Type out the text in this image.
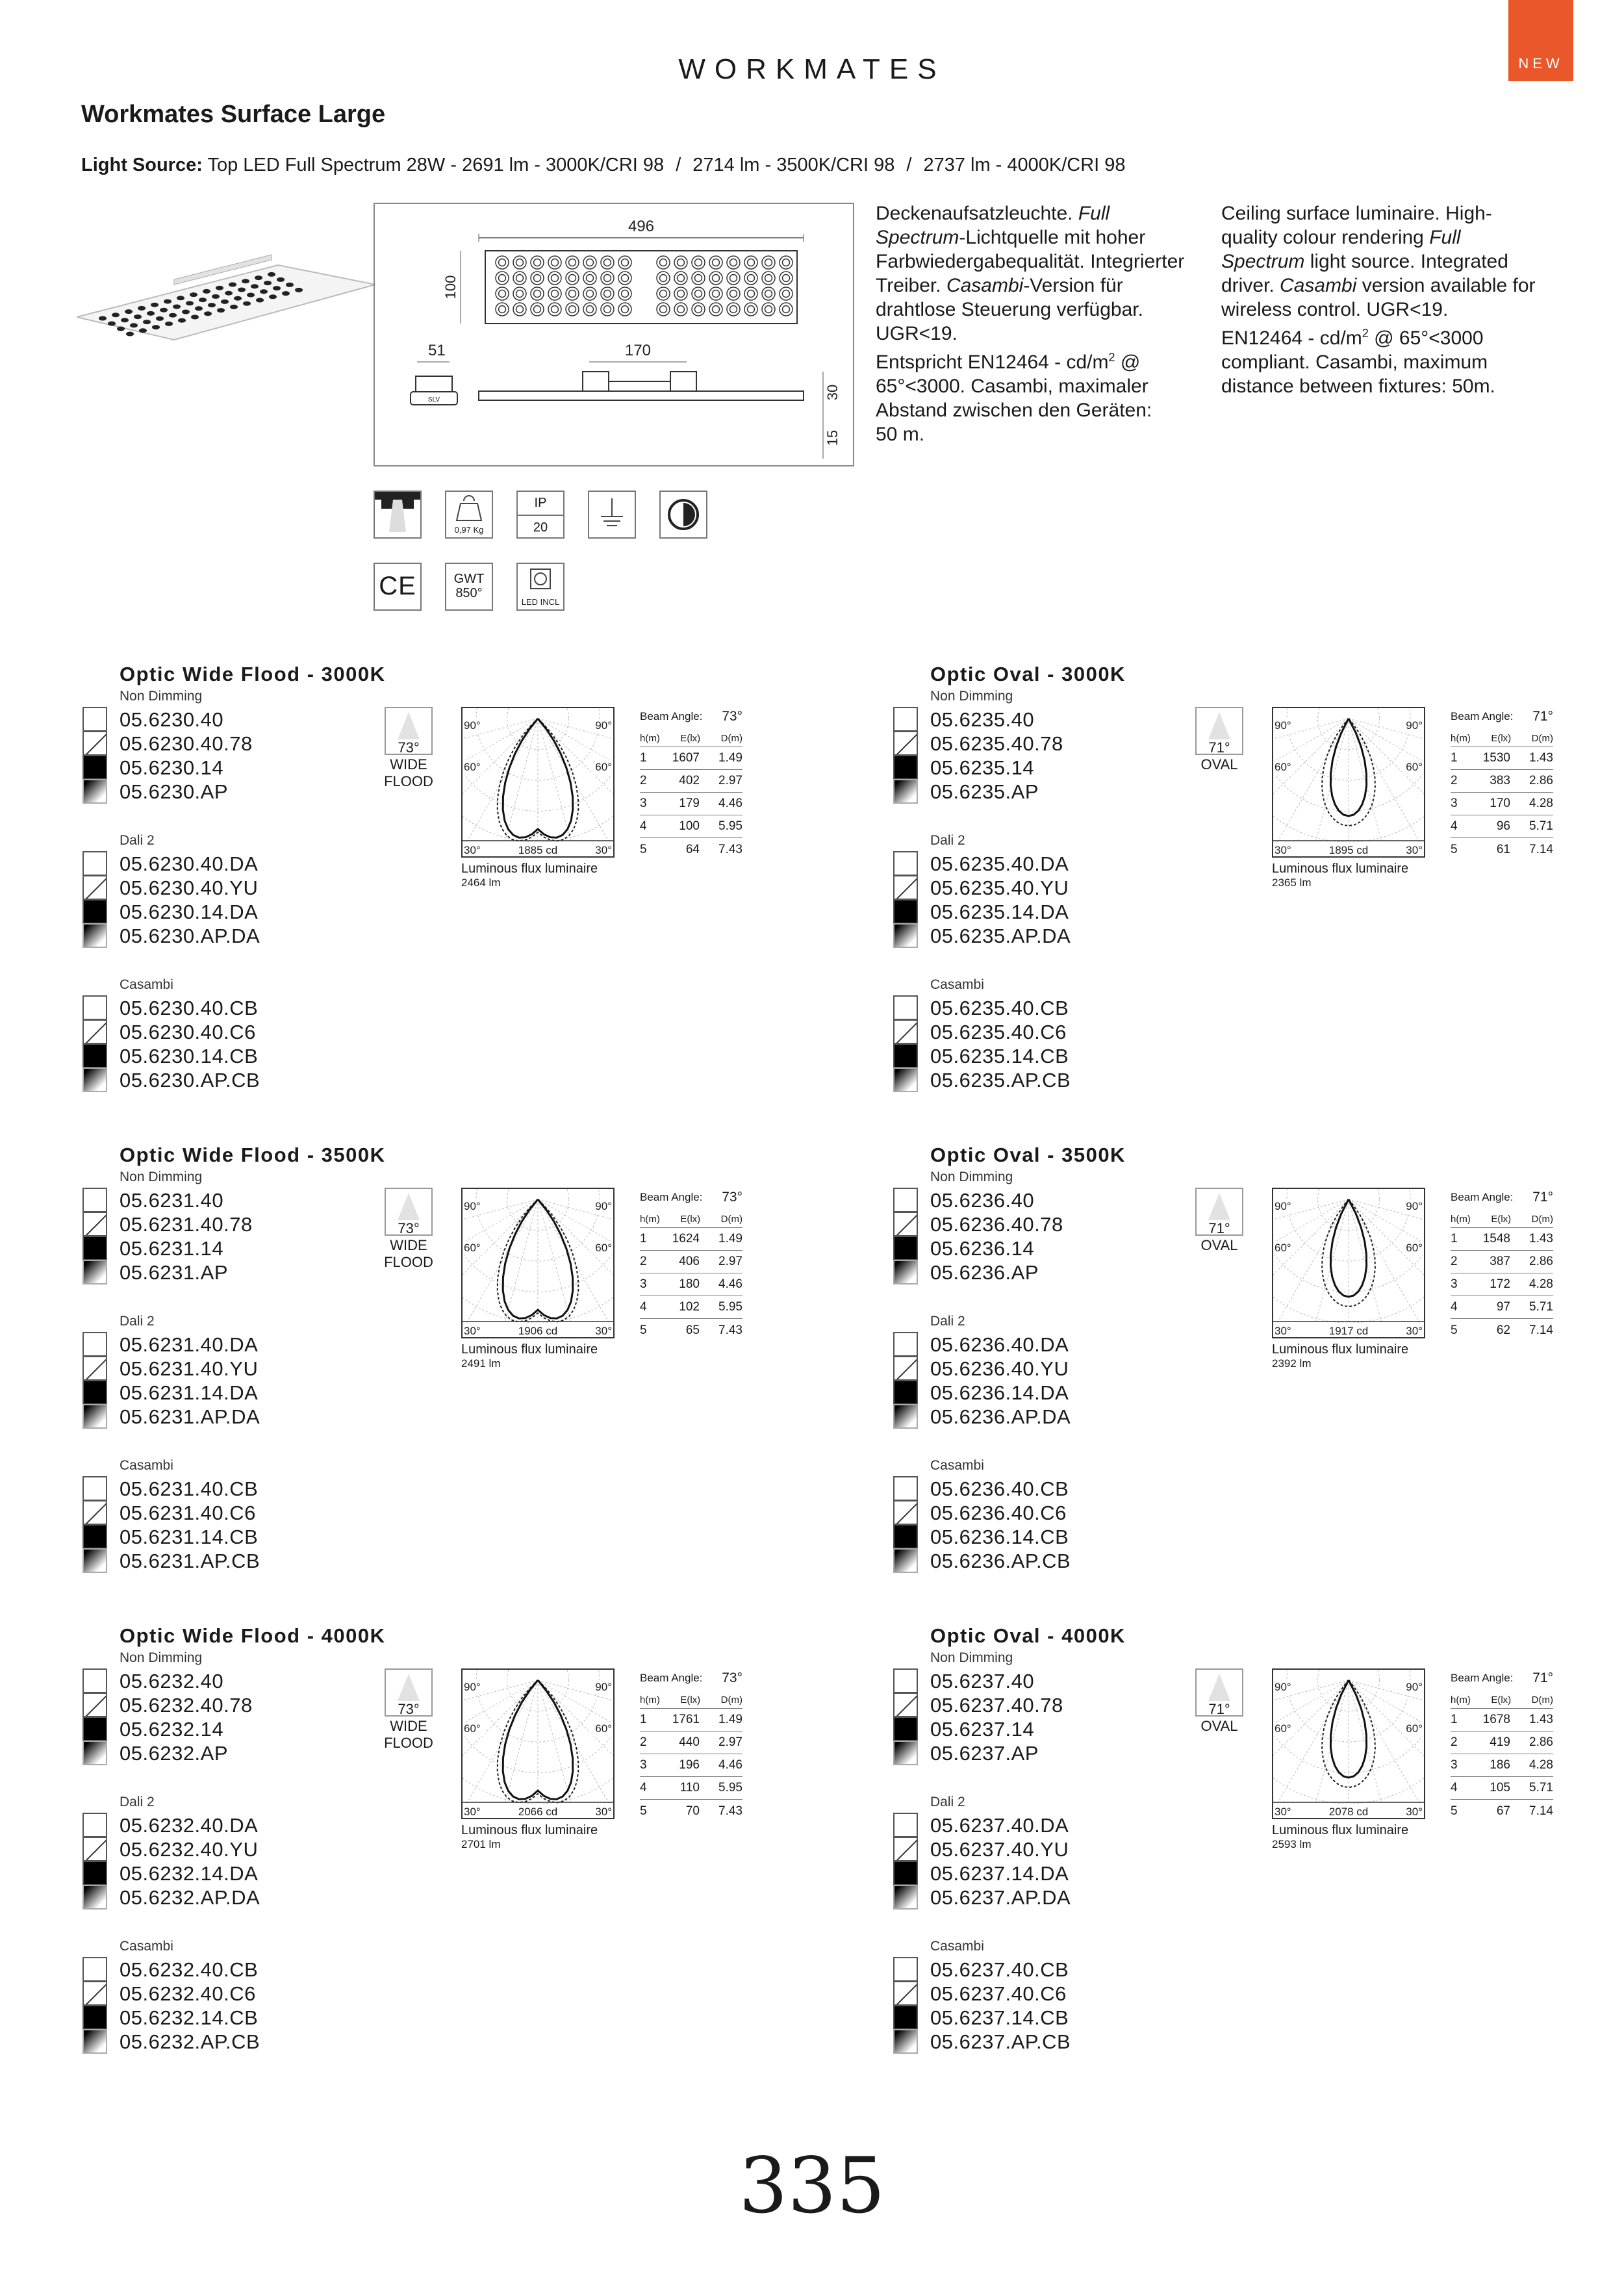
NEW
WORKMATES
Workmates Surface Large
Light Source: Top LED Full Spectrum 28W - 2691 lm - 3000K/CRI 98 / 2714 lm - 3500K/CRI 98 / 2737 lm - 4000K/CRI 98
496
100
51	170
SLV	30
15
Deckenaufsatzleuchte. Full
Spectrum-Lichtquelle mit hoher
Farbwiedergabequalität. Integrierter
Treiber. Casambi-Version für
drahtlose Steuerung verfügbar.
UGR<19.
Entspricht $EN12464 - cd/m^2$ @
65°<3000. Casambi, maximaler
Abstand zwischen den Geräten:
50 m.
Ceiling surface luminaire. High-
quality colour rendering Full
Spectrum light source. Integrated
driver. Casambi version available for
wireless control. UGR<19.
$EN12464 - cd/m^2$ @ 65°<3000
compliant. Casambi, maximum
distance between fixtures: 50m.
0,97 Kg
IP
20
CE	GWT
850°
LED INCL
Optic Wide Flood - 3000K
Non Dimming
05.6230.40
05.6230.40.78
05.6230.14
05.6230.AP
Dali 2
05.6230.40.DA
05.6230.40.YU
05.6230.14.DA
05.6230.AP.DA
Casambi
05.6230.40.CB
05.6230.40.C6
05.6230.14.CB
05.6230.AP.CB
73°
WIDE
FLOOD
90°	90°
60°	60°
30°	30°
1885 cd
Luminous flux luminaire
2464 lm
Beam Angle: 73°
h(m) E(lx) D(m)
1	1607	1.49
2	402	2.97
3	179	4.46
4	100	5.95
5	64	7.43
Optic Oval - 3000K
Non Dimming
05.6235.40
05.6235.40.78
05.6235.14
05.6235.AP
Dali 2
05.6235.40.DA
05.6235.40.YU
05.6235.14.DA
05.6235.AP.DA
Casambi
05.6235.40.CB
05.6235.40.C6
05.6235.14.CB
05.6235.AP.CB
71°
OVAL
90°	90°
60°	60°
30°	30°
1895 cd
Luminous flux luminaire
2365 lm
Beam Angle: 71°
h(m) E(lx) D(m)
1	1530	1.43
2	383	2.86
3	170	4.28
4	96	5.71
5	61	7.14
Optic Wide Flood - 3500K
Non Dimming
05.6231.40
05.6231.40.78
05.6231.14
05.6231.AP
Dali 2
05.6231.40.DA
05.6231.40.YU
05.6231.14.DA
05.6231.AP.DA
Casambi
05.6231.40.CB
05.6231.40.C6
05.6231.14.CB
05.6231.AP.CB
73°
WIDE
FLOOD
90°	90°
60°	60°
30°	30°
1906 cd
Luminous flux luminaire
2491 lm
Beam Angle: 73°
h(m) E(lx) D(m)
1	1624	1.49
2	406	2.97
3	180	4.46
4	102	5.95
5	65	7.43
Optic Oval - 3500K
Non Dimming
05.6236.40
05.6236.40.78
05.6236.14
05.6236.AP
Dali 2
05.6236.40.DA
05.6236.40.YU
05.6236.14.DA
05.6236.AP.DA
Casambi
05.6236.40.CB
05.6236.40.C6
05.6236.14.CB
05.6236.AP.CB
71°
OVAL
90°	90°
60°	60°
30°	30°
1917 cd
Luminous flux luminaire
2392 lm
Beam Angle: 71°
h(m) E(lx) D(m)
1	1548	1.43
2	387	2.86
3	172	4.28
4	97	5.71
5	62	7.14
Optic Wide Flood - 4000K
Non Dimming
05.6232.40
05.6232.40.78
05.6232.14
05.6232.AP
Dali 2
05.6232.40.DA
05.6232.40.YU
05.6232.14.DA
05.6232.AP.DA
Casambi
05.6232.40.CB
05.6232.40.C6
05.6232.14.CB
05.6232.AP.CB
73°
WIDE
FLOOD
90°	90°
60°	60°
30°	30°
2066 cd
Luminous flux luminaire
2701 lm
Beam Angle: 73°
h(m) E(lx) D(m)
1	1761	1.49
2	440	2.97
3	196	4.46
4	110	5.95
5	70	7.43
Optic Oval - 4000K
Non Dimming
05.6237.40
05.6237.40.78
05.6237.14
05.6237.AP
Dali 2
05.6237.40.DA
05.6237.40.YU
05.6237.14.DA
05.6237.AP.DA
Casambi
05.6237.40.CB
05.6237.40.C6
05.6237.14.CB
05.6237.AP.CB
71°
OVAL
90°	90°
60°	60°
30°	30°
2078 cd
Luminous flux luminaire
2593 lm
Beam Angle: 71°
h(m) E(lx) D(m)
1	1678	1.43
2	419	2.86
3	186	4.28
4	105	5.71
5	67	7.14
335
